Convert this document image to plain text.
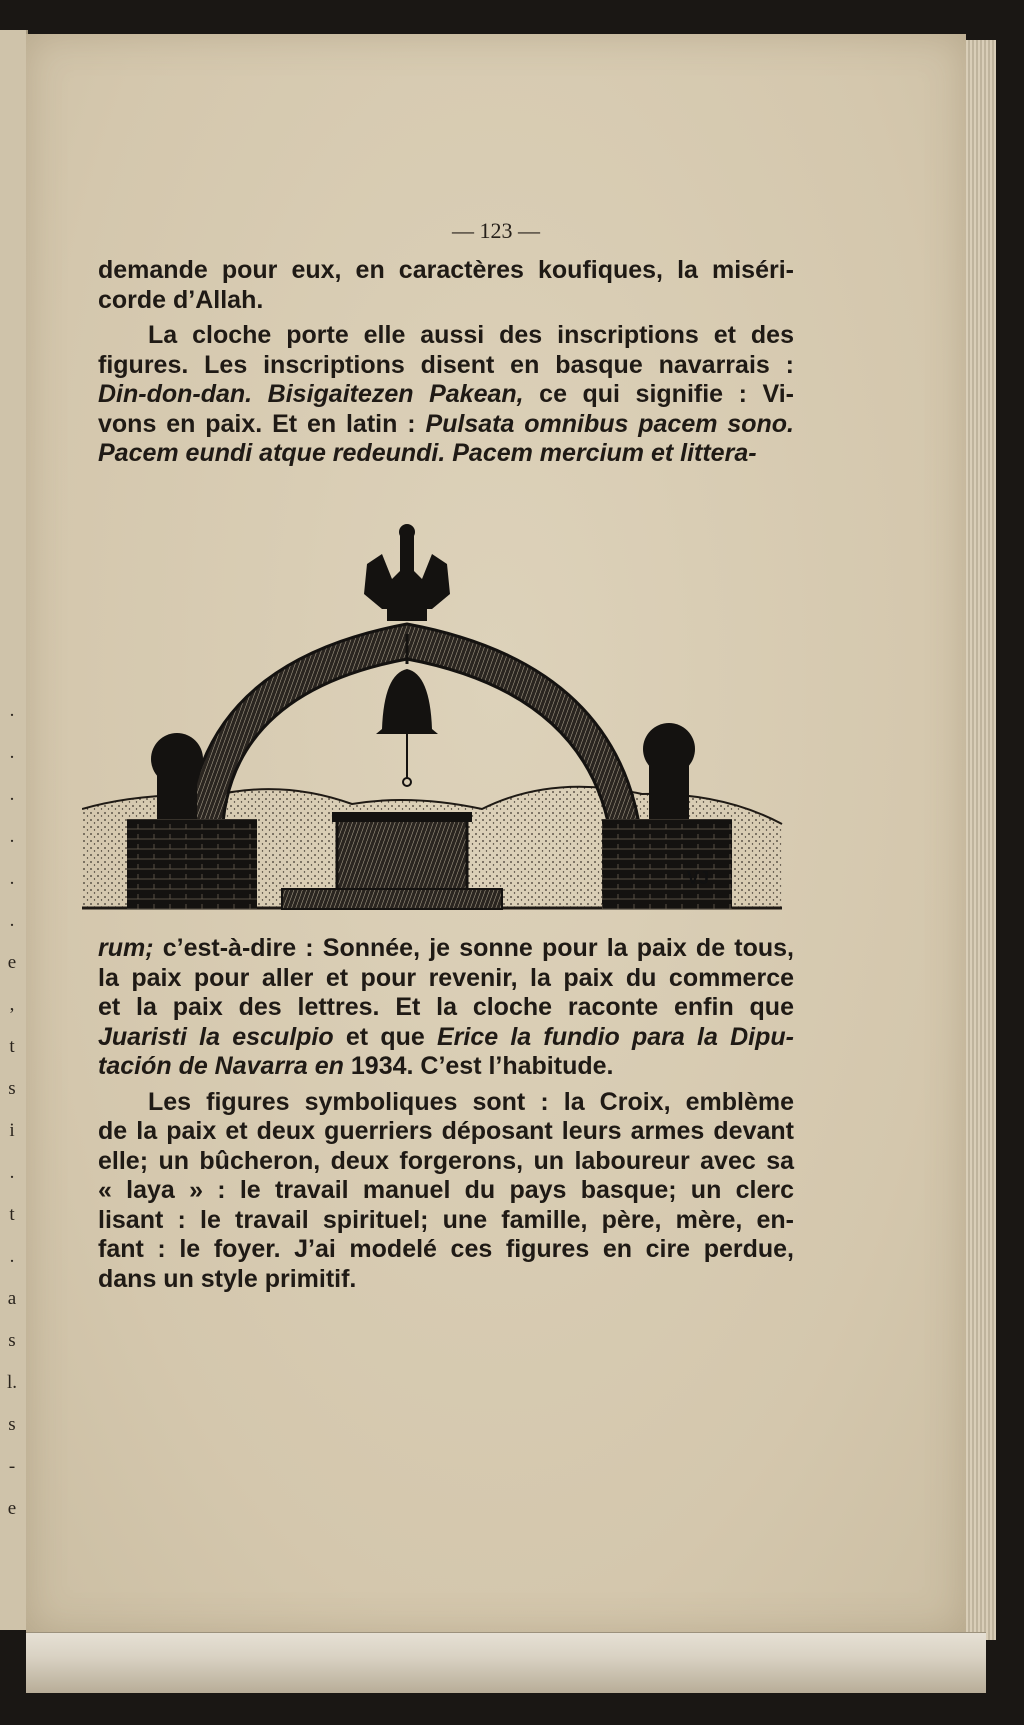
.
.
.
.
.
.
e
,
t
s
i
.
t
.
a
s
l.
s
-
e
— 123 —

demande pour eux, en caractères koufiques, la miséri-
corde d’Allah.

La cloche porte elle aussi des inscriptions et des
figures. Les inscriptions disent en basque navarrais :
Din-don-dan. Bisigaitezen Pakean, ce qui signifie : Vi-
vons en paix. Et en latin : Pulsata omnibus pacem sono.
Pacem eundi atque redeundi. Pacem mercium et littera-

VJ

rum; c’est-à-dire : Sonnée, je sonne pour la paix de tous,
la paix pour aller et pour revenir, la paix du commerce
et la paix des lettres. Et la cloche raconte enfin que
Juaristi la esculpio et que Erice la fundio para la Dipu-
tación de Navarra en 1934. C’est l’habitude.

Les figures symboliques sont : la Croix, emblème
de la paix et deux guerriers déposant leurs armes devant
elle; un bûcheron, deux forgerons, un laboureur avec sa
« laya » : le travail manuel du pays basque; un clerc
lisant : le travail spirituel; une famille, père, mère, en-
fant : le foyer. J’ai modelé ces figures en cire perdue,
dans un style primitif.
